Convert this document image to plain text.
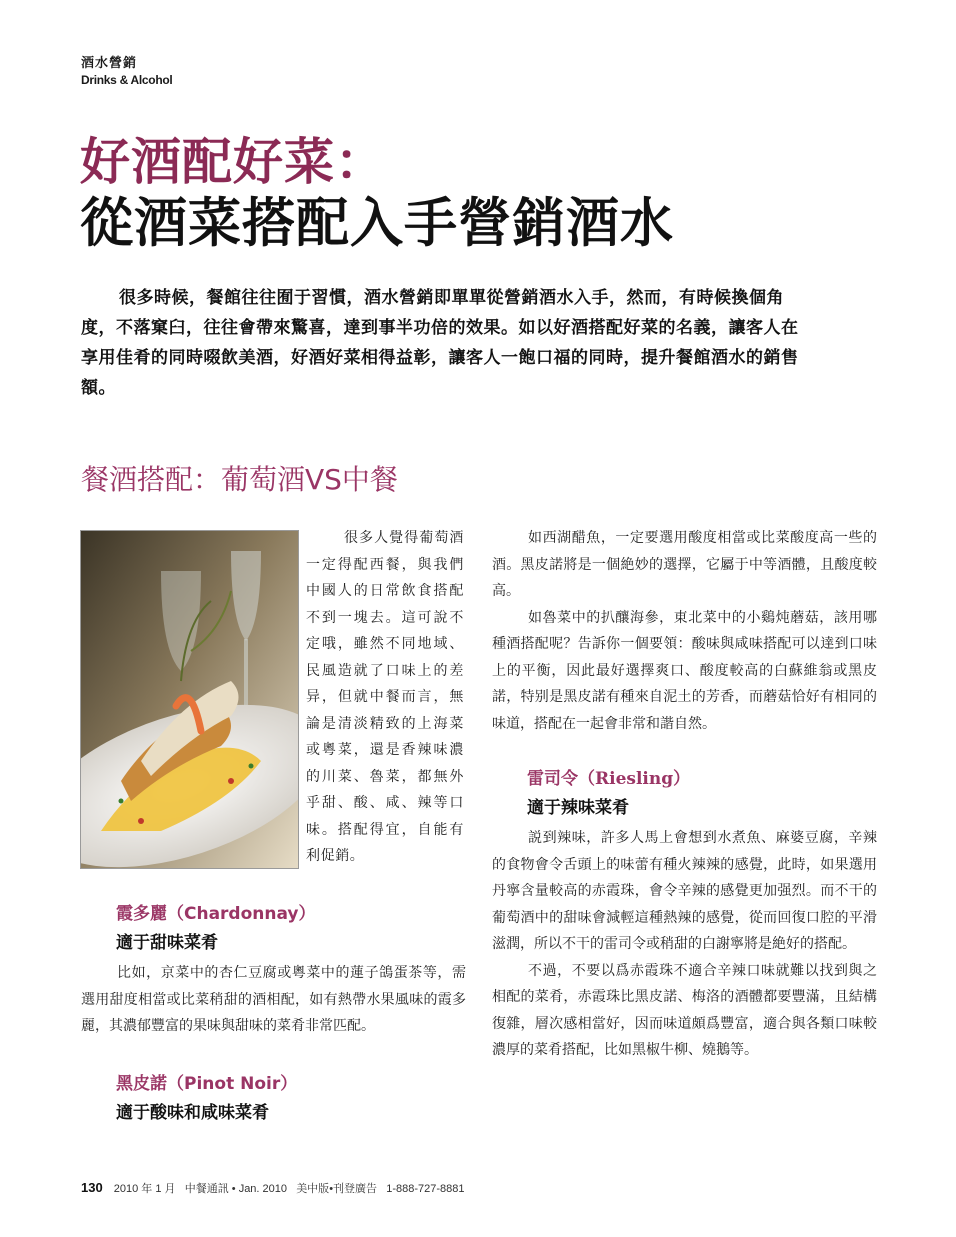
酒水營銷
Drinks & Alcohol
好酒配好菜：
從酒菜搭配入手營銷酒水
很多時候，餐館往往囿于習慣，酒水營銷即單單從營銷酒水入手，然而，有時候換個角度，不落窠臼，往往會帶來驚喜，達到事半功倍的效果。如以好酒搭配好菜的名義，讓客人在享用佳肴的同時啜飲美酒，好酒好菜相得益彰，讓客人一飽口福的同時，提升餐館酒水的銷售額。
餐酒搭配：葡萄酒VS中餐
很多人覺得葡萄酒一定得配西餐，與我們中國人的日常飲食搭配不到一塊去。這可說不定哦，雖然不同地域、民風造就了口味上的差异，但就中餐而言，無論是清淡精致的上海菜或粵菜，還是香辣味濃的川菜、魯菜，都無外乎甜、酸、咸、辣等口味。搭配得宜，自能有利促銷。
霞多麗（Chardonnay）
適于甜味菜肴

比如，京菜中的杏仁豆腐或粵菜中的蓮子鴿蛋茶等，需選用甜度相當或比菜稍甜的酒相配，如有熱帶水果風味的霞多麗，其濃郁豐富的果味與甜味的菜肴非常匹配。

黑皮諾（Pinot Noir）
適于酸味和咸味菜肴

如西湖醋魚，一定要選用酸度相當或比菜酸度高一些的酒。黑皮諾將是一個絶妙的選擇，它屬于中等酒體，且酸度較高。

如魯菜中的扒釀海參，東北菜中的小鷄炖蘑菇，該用哪種酒搭配呢？告訴你一個要領：酸味與咸味搭配可以達到口味上的平衡，因此最好選擇爽口、酸度較高的白蘇維翁或黑皮諾，特别是黑皮諾有種來自泥土的芳香，而蘑菇恰好有相同的味道，搭配在一起會非常和諧自然。

雷司令（Riesling）
適于辣味菜肴

説到辣味，許多人馬上會想到水煮魚、麻婆豆腐，辛辣的食物會令舌頭上的味蕾有種火辣辣的感覺，此時，如果選用丹寧含量較高的赤霞珠，會令辛辣的感覺更加强烈。而不干的葡萄酒中的甜味會減輕這種熱辣的感覺，從而回復口腔的平滑滋潤，所以不干的雷司令或稍甜的白謝寧將是絶好的搭配。

不過，不要以爲赤霞珠不適合辛辣口味就難以找到與之相配的菜肴，赤霞珠比黑皮諾、梅洛的酒體都要豐滿，且結構復雜，層次感相當好，因而味道頗爲豐富，適合與各類口味較濃厚的菜肴搭配，比如黑椒牛柳、燒鵝等。

130 2010 年 1 月 中餐通訊 • Jan. 2010 美中版•刊登廣告 1-888-727-8881
